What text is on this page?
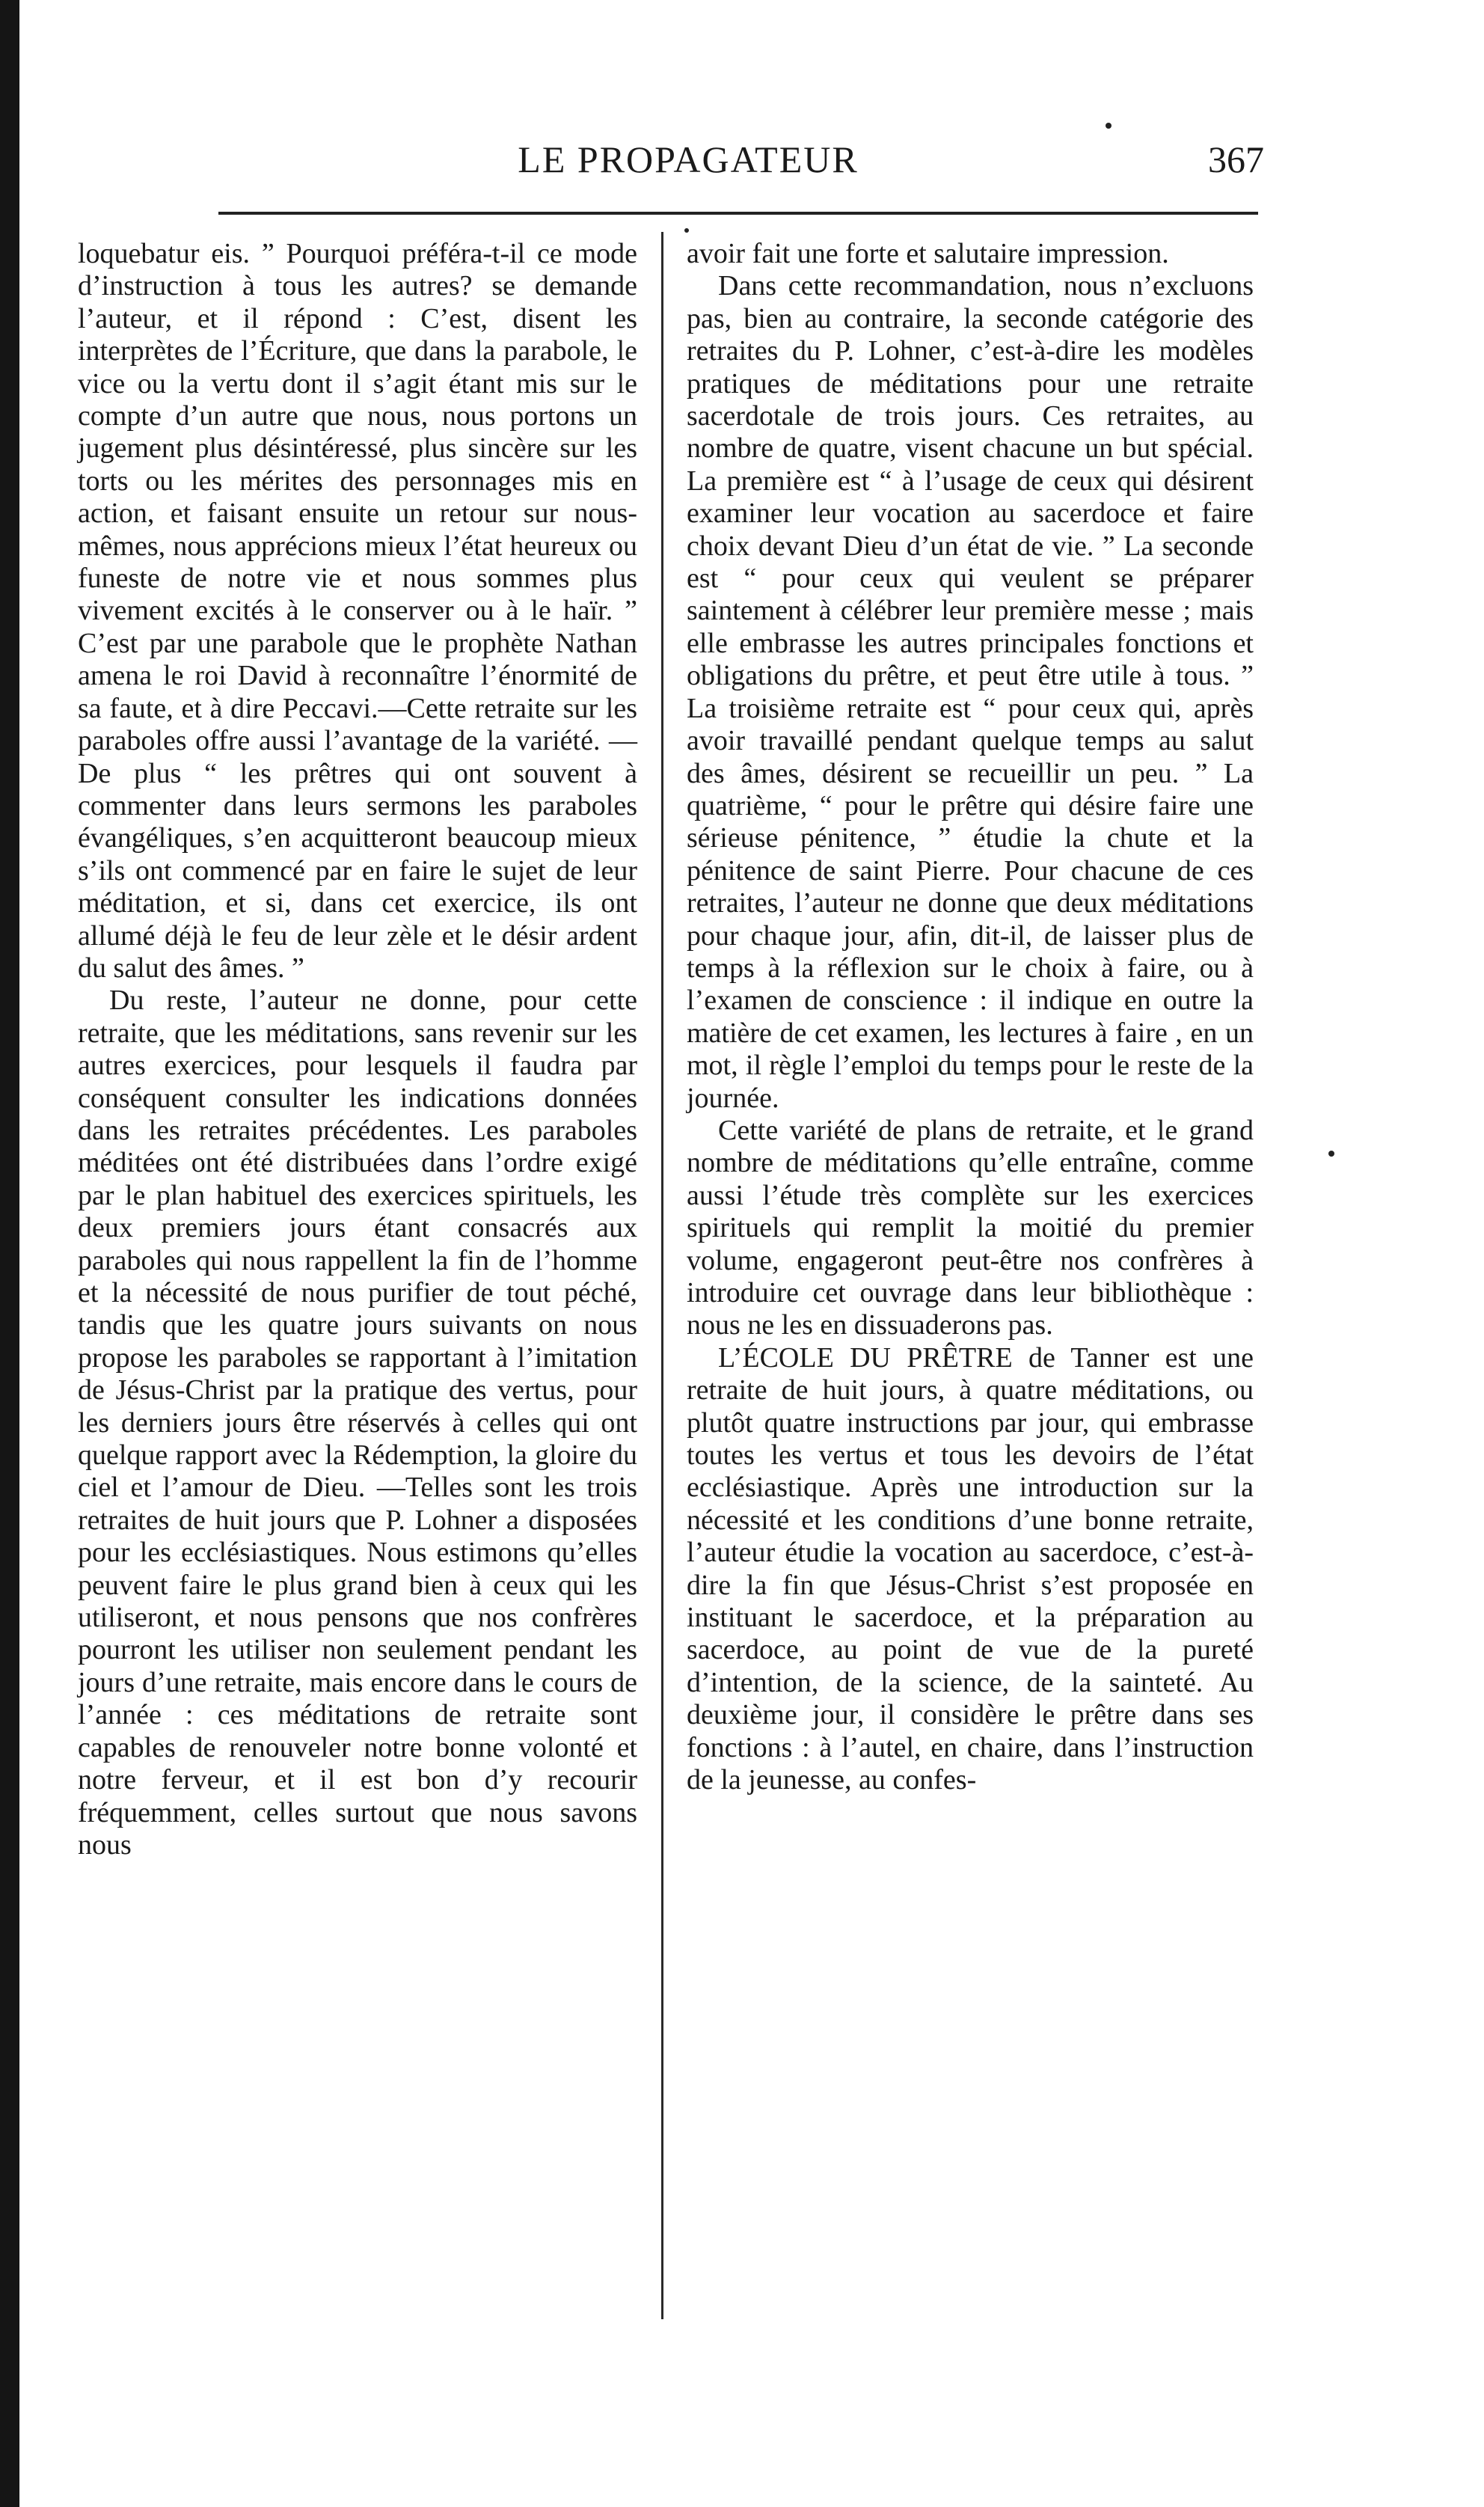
LE PROPAGATEUR	367

loquebatur eis. ” Pourquoi préféra-t-il ce mode d’instruction à tous les autres? se demande l’auteur, et il répond : C’est, disent les interprètes de l’Écriture, que dans la parabole, le vice ou la vertu dont il s’agit étant mis sur le compte d’un autre que nous, nous portons un jugement plus désintéressé, plus sincère sur les torts ou les mérites des personnages mis en action, et faisant ensuite un retour sur nous-mêmes, nous apprécions mieux l’état heureux ou funeste de notre vie et nous sommes plus vivement excités à le conserver ou à le haïr. ” C’est par une parabole que le prophète Nathan amena le roi David à reconnaître l’énormité de sa faute, et à dire Peccavi.—Cette retraite sur les paraboles offre aussi l’avantage de la variété. — De plus “ les prêtres qui ont souvent à commenter dans leurs sermons les paraboles évangéliques, s’en acquitteront beaucoup mieux s’ils ont commencé par en faire le sujet de leur méditation, et si, dans cet exercice, ils ont allumé déjà le feu de leur zèle et le désir ardent du salut des âmes. ”

Du reste, l’auteur ne donne, pour cette retraite, que les méditations, sans revenir sur les autres exercices, pour lesquels il faudra par conséquent consulter les indications données dans les retraites précédentes. Les paraboles méditées ont été distribuées dans l’ordre exigé par le plan habituel des exercices spirituels, les deux premiers jours étant consacrés aux paraboles qui nous rappellent la fin de l’homme et la nécessité de nous purifier de tout péché, tandis que les quatre jours suivants on nous propose les paraboles se rapportant à l’imitation de Jésus-Christ par la pratique des vertus, pour les derniers jours être réservés à celles qui ont quelque rapport avec la Rédemption, la gloire du ciel et l’amour de Dieu. —Telles sont les trois retraites de huit jours que P. Lohner a disposées pour les ecclésiastiques. Nous estimons qu’elles peuvent faire le plus grand bien à ceux qui les utiliseront, et nous pensons que nos confrères pourront les utiliser non seulement pendant les jours d’une retraite, mais encore dans le cours de l’année : ces méditations de retraite sont capables de renouveler notre bonne volonté et notre ferveur, et il est bon d’y recourir fréquemment, celles surtout que nous savons nous

avoir fait une forte et salutaire impression.

Dans cette recommandation, nous n’excluons pas, bien au contraire, la seconde catégorie des retraites du P. Lohner, c’est-à-dire les modèles pratiques de méditations pour une retraite sacerdotale de trois jours. Ces retraites, au nombre de quatre, visent chacune un but spécial. La première est “ à l’usage de ceux qui désirent examiner leur vocation au sacerdoce et faire choix devant Dieu d’un état de vie. ” La seconde est “ pour ceux qui veulent se préparer saintement à célébrer leur première messe ; mais elle embrasse les autres principales fonctions et obligations du prêtre, et peut être utile à tous. ” La troisième retraite est “ pour ceux qui, après avoir travaillé pendant quelque temps au salut des âmes, désirent se recueillir un peu. ” La quatrième, “ pour le prêtre qui désire faire une sérieuse pénitence, ” étudie la chute et la pénitence de saint Pierre. Pour chacune de ces retraites, l’auteur ne donne que deux méditations pour chaque jour, afin, dit-il, de laisser plus de temps à la réflexion sur le choix à faire, ou à l’examen de conscience : il indique en outre la matière de cet examen, les lectures à faire , en un mot, il règle l’emploi du temps pour le reste de la journée.

Cette variété de plans de retraite, et le grand nombre de méditations qu’elle entraîne, comme aussi l’étude très complète sur les exercices spirituels qui remplit la moitié du premier volume, engageront peut-être nos confrères à introduire cet ouvrage dans leur bibliothèque : nous ne les en dissuaderons pas.

L’ÉCOLE DU PRÊTRE de Tanner est une retraite de huit jours, à quatre méditations, ou plutôt quatre instructions par jour, qui embrasse toutes les vertus et tous les devoirs de l’état ecclésiastique. Après une introduction sur la nécessité et les conditions d’une bonne retraite, l’auteur étudie la vocation au sacerdoce, c’est-à-dire la fin que Jésus-Christ s’est proposée en instituant le sacerdoce, et la préparation au sacerdoce, au point de vue de la pureté d’intention, de la science, de la sainteté. Au deuxième jour, il considère le prêtre dans ses fonctions : à l’autel, en chaire, dans l’instruction de la jeunesse, au confes-
